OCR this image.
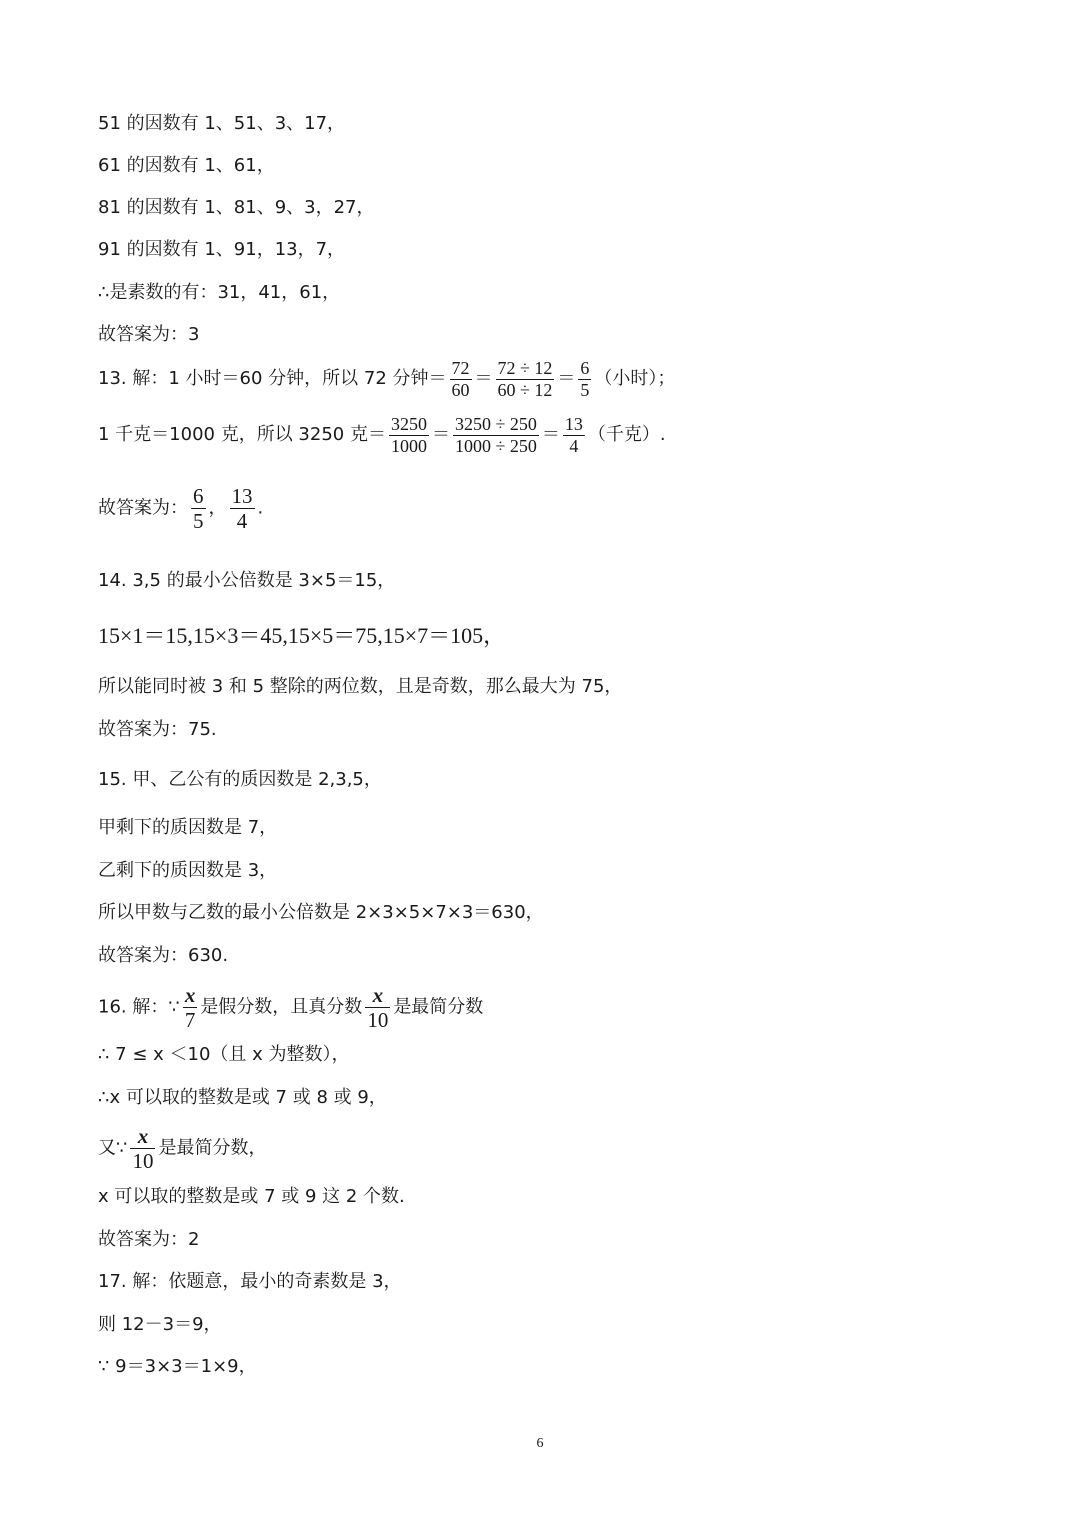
51 的因数有 1、51、3、17，
61 的因数有 1、61，
81 的因数有 1、81、9、3，27，
91 的因数有 1、91，13，7，
∴是素数的有：31，41，61，
故答案为：3
13. 解：1 小时＝60 分钟，所以 72 分钟＝ $\frac{72}{60} = \frac{72 \div 12}{60 \div 12} = \frac{6}{5}$ （小时）；
1 千克＝1000 克，所以 3250 克＝ $\frac{3250}{1000} = \frac{3250 \div 250}{1000 \div 250} = \frac{13}{4}$ （千克）.
故答案为： $\frac{6}{5}$ ， $\frac{13}{4}$ .
14. 3,5 的最小公倍数是 3×5＝15，
15×1＝15,15×3＝45,15×5＝75,15×7＝105，
所以能同时被 3 和 5 整除的两位数，且是奇数，那么最大为 75，
故答案为：75.
15. 甲、乙公有的质因数是 2,3,5，
甲剩下的质因数是 7，
乙剩下的质因数是 3，
所以甲数与乙数的最小公倍数是 2×3×5×7×3＝630，
故答案为：630.
16. 解：∵ $\frac{x}{7}$ 是假分数，且真分数 $\frac{x}{10}$ 是最简分数
∴ 7 ≤ x ＜10（且 x 为整数），
∴x 可以取的整数是或 7 或 8 或 9，
又∵ $\frac{x}{10}$ 是最简分数，
x 可以取的整数是或 7 或 9 这 2 个数.
故答案为：2
17. 解：依题意，最小的奇素数是 3，
则 12－3＝9，
∵ 9＝3×3＝1×9，
6
